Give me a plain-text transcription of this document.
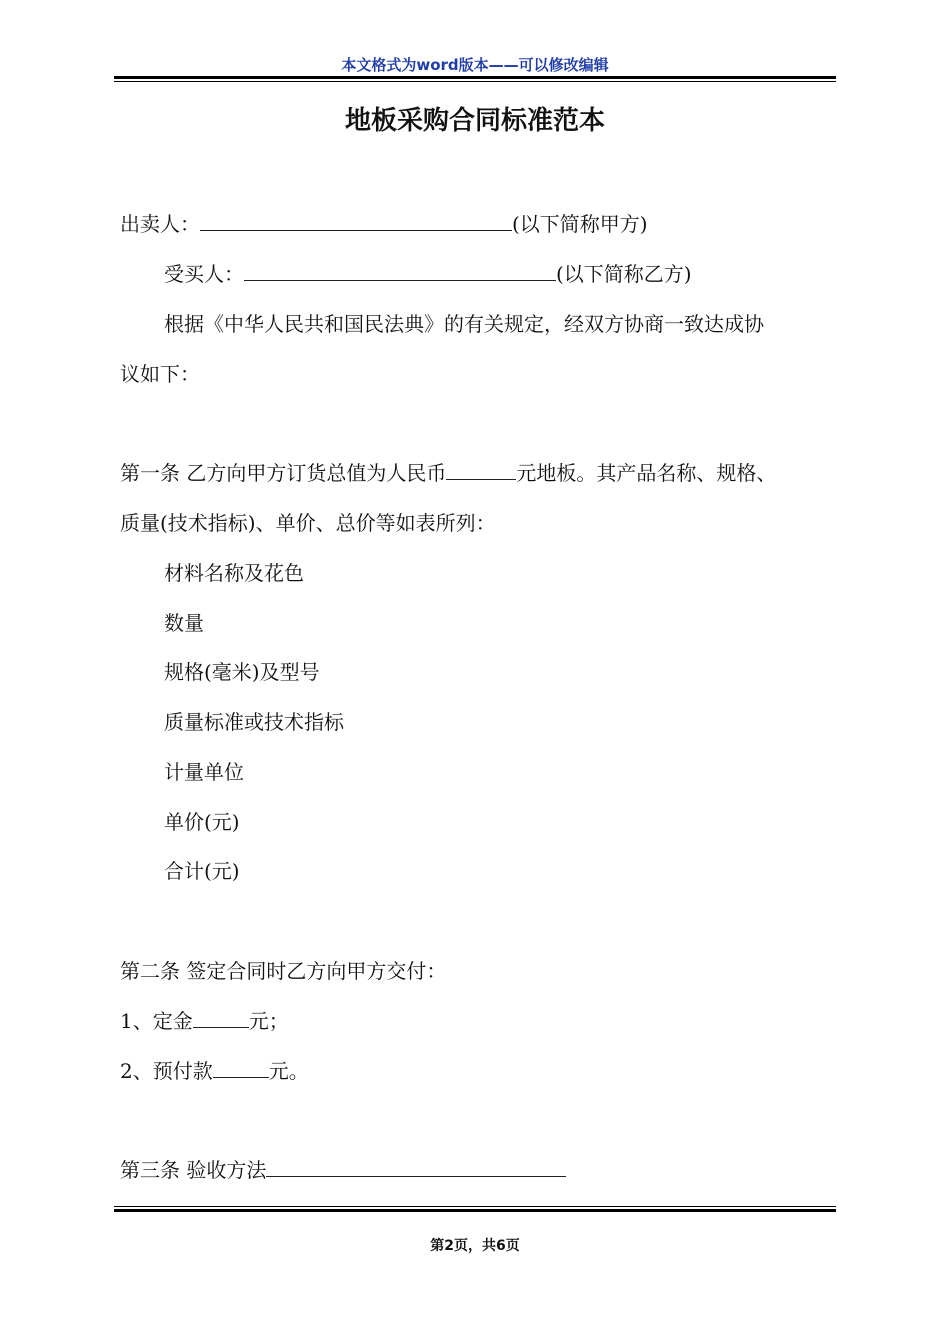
本文格式为word版本——可以修改编辑
地板采购合同标准范本
出卖人：	(以下简称甲方)
受买人：	(以下简称乙方)
根据《中华人民共和国民法典》的有关规定，经双方协商一致达成协
议如下：
第一条 乙方向甲方订货总值为人民币	元地板。其产品名称、规格、
质量(技术指标)、单价、总价等如表所列：
材料名称及花色
数量
规格(毫米)及型号
质量标准或技术指标
计量单位
单价(元)
合计(元)
第二条 签定合同时乙方向甲方交付：
1、定金	元；
2、预付款	元。
第三条 验收方法
第2页，共6页
